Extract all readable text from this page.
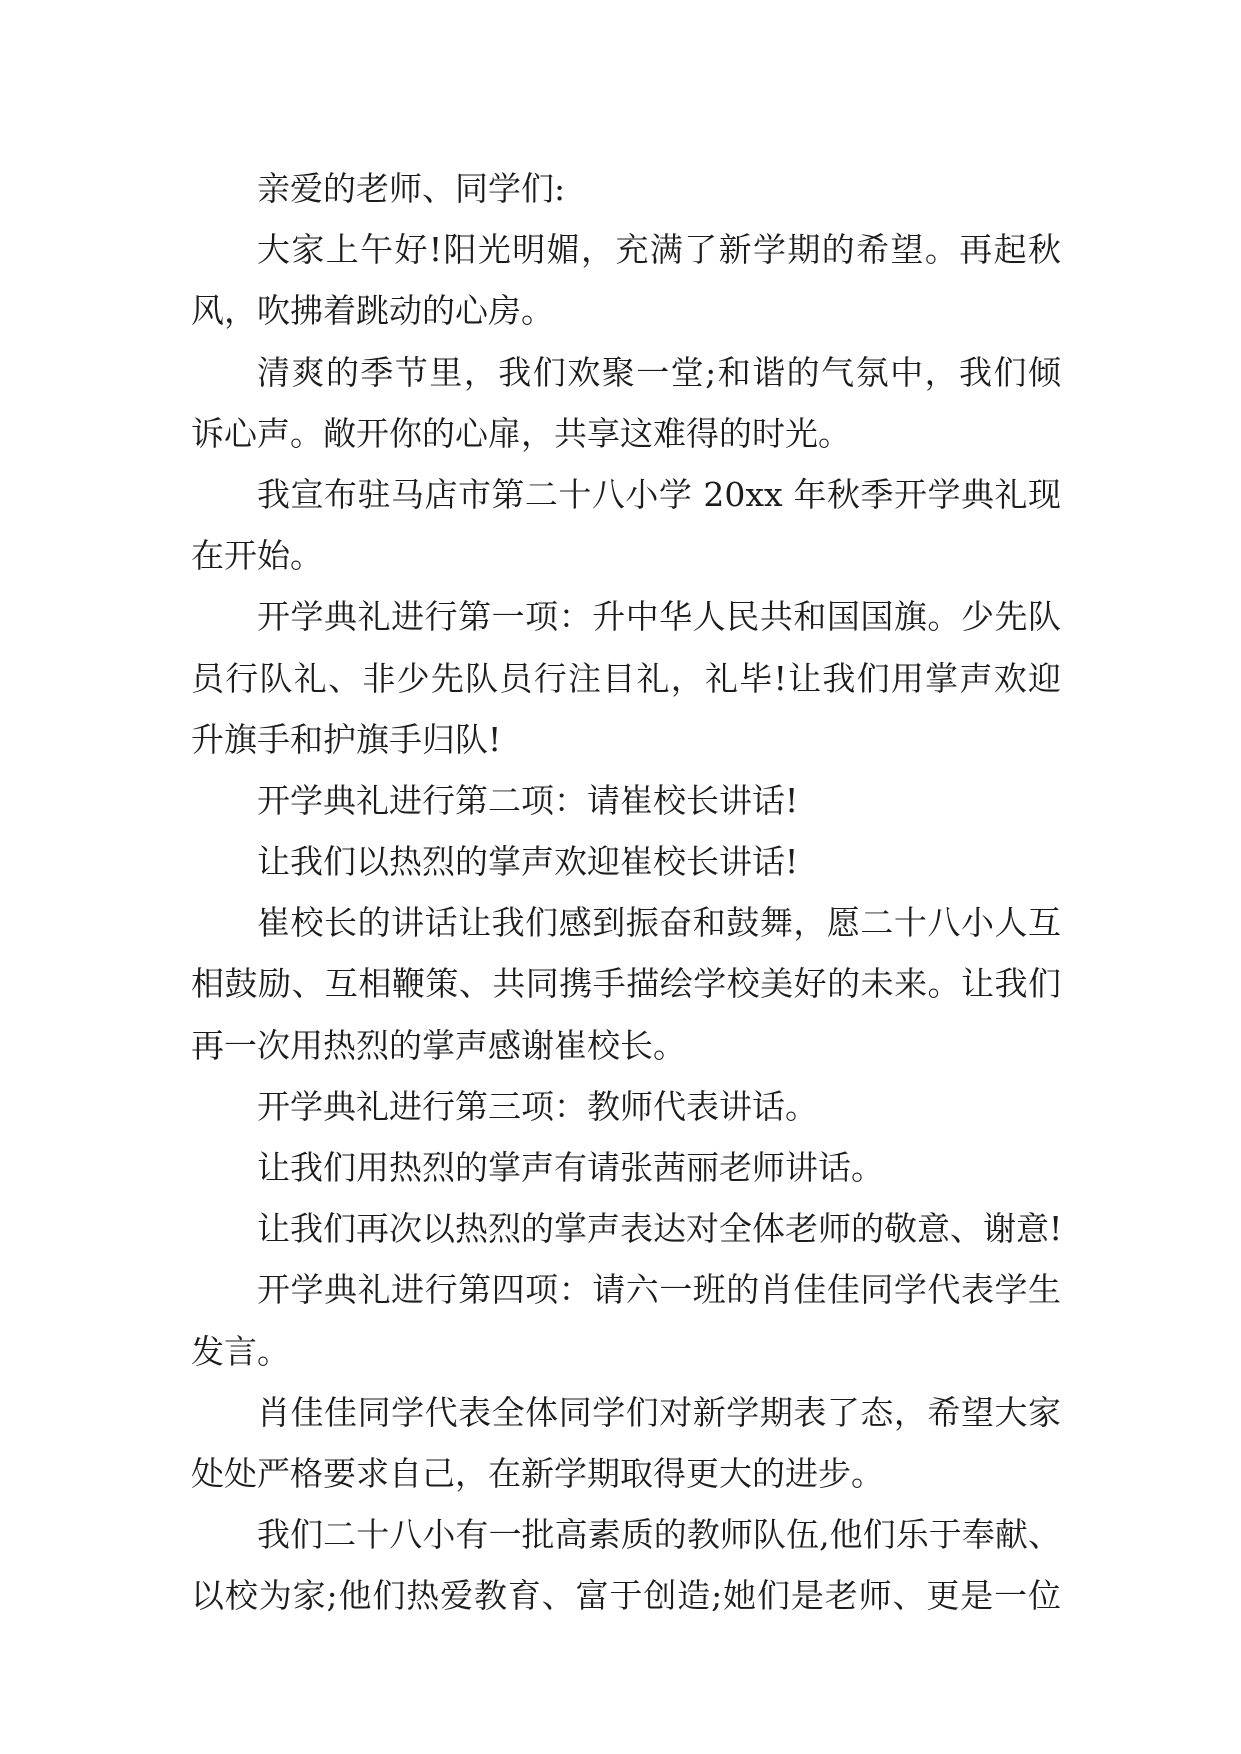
亲爱的老师、同学们:
大家上午好!阳光明媚，充满了新学期的希望。再起秋
风，吹拂着跳动的心房。
清爽的季节里，我们欢聚一堂;和谐的气氛中，我们倾
诉心声。敞开你的心扉，共享这难得的时光。
我宣布驻马店市第二十八小学 20xx 年秋季开学典礼现
在开始。
开学典礼进行第一项：升中华人民共和国国旗。少先队
员行队礼、非少先队员行注目礼，礼毕!让我们用掌声欢迎
升旗手和护旗手归队!
开学典礼进行第二项：请崔校长讲话!
让我们以热烈的掌声欢迎崔校长讲话!
崔校长的讲话让我们感到振奋和鼓舞，愿二十八小人互
相鼓励、互相鞭策、共同携手描绘学校美好的未来。让我们
再一次用热烈的掌声感谢崔校长。
开学典礼进行第三项：教师代表讲话。
让我们用热烈的掌声有请张茜丽老师讲话。
让我们再次以热烈的掌声表达对全体老师的敬意、谢意!
开学典礼进行第四项：请六一班的肖佳佳同学代表学生
发言。
肖佳佳同学代表全体同学们对新学期表了态，希望大家
处处严格要求自己，在新学期取得更大的进步。
我们二十八小有一批高素质的教师队伍,他们乐于奉献、
以校为家;他们热爱教育、富于创造;她们是老师、更是一位
